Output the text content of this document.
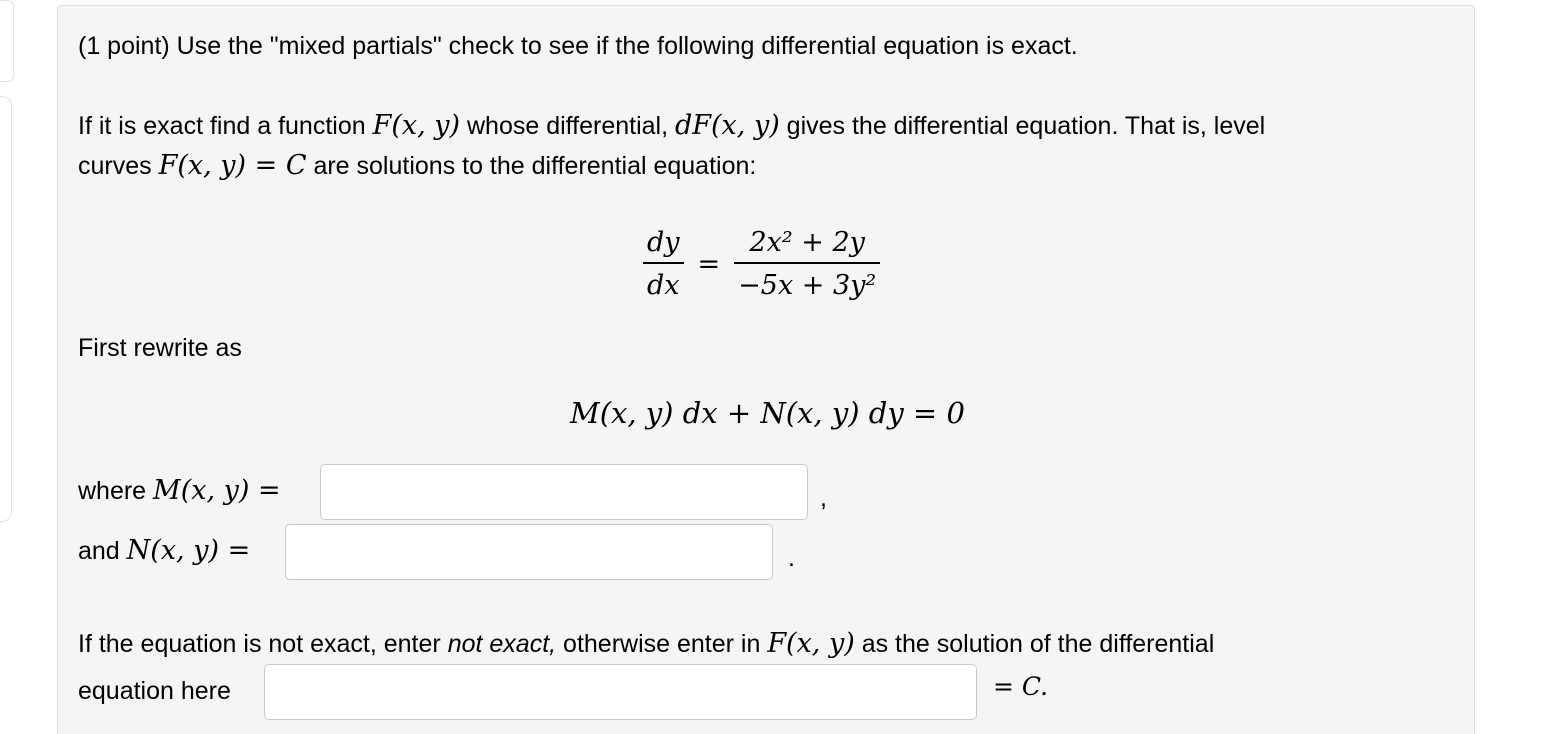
(1 point) Use the "mixed partials" check to see if the following differential equation is exact.
If it is exact find a function F(x, y) whose differential, dF(x, y) gives the differential equation. That is, level
curves F(x, y) = C are solutions to the differential equation:
$\frac{dy}{dx} = \frac{\text{2x² + 2y}}{\text{−5x + 3y²}}$
First rewrite as
M(x, y) dx + N(x, y) dy = 0
where M(x, y) =	,
and N(x, y) =	.
If the equation is not exact, enter not exact, otherwise enter in F(x, y) as the solution of the differential
equation here	= C.
